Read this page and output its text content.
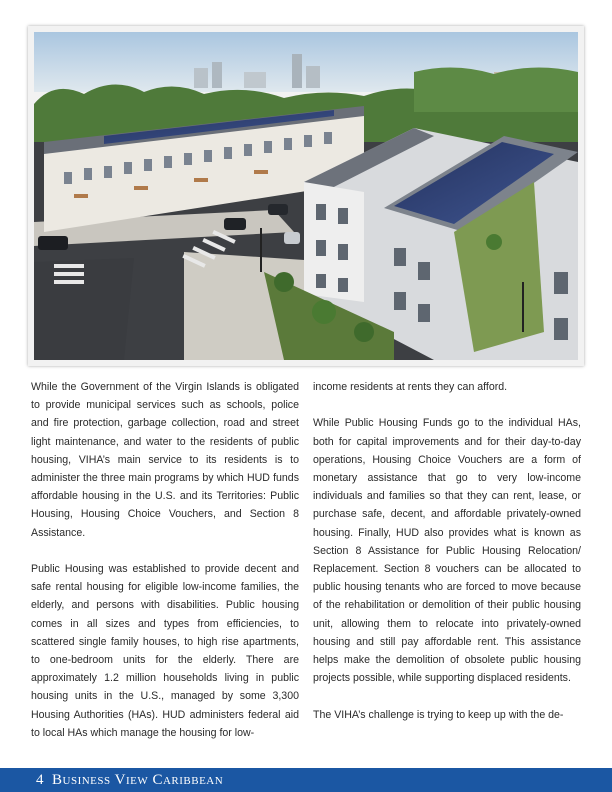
While the Government of the Virgin Islands is obligated to provide municipal services such as schools, police and fire protection, garbage collection, road and street light maintenance, and water to the residents of public housing, VIHA’s main service to its residents is to administer the three main programs by which HUD funds affordable housing in the U.S. and its Territories: Public Housing, Housing Choice Vouchers, and Section 8 Assistance.

Public Housing was established to provide decent and safe rental housing for eligible low-income families, the elderly, and persons with disabilities. Public housing comes in all sizes and types from efficiencies, to scattered single family houses, to high rise apartments, to one-bedroom units for the elderly. There are approximately 1.2 million households living in public housing units in the U.S., managed by some 3,300 Housing Authorities (HAs). HUD administers federal aid to local HAs which manage the housing for low-

income residents at rents they can afford.

While Public Housing Funds go to the individual HAs, both for capital improvements and for their day-to-day operations, Housing Choice Vouchers are a form of monetary assistance that go to very low-income individuals and families so that they can rent, lease, or purchase safe, decent, and affordable privately-owned housing. Finally, HUD also provides what is known as Section 8 Assistance for Public Housing Relocation/ Replacement. Section 8 vouchers can be allocated to public housing tenants who are forced to move because of the rehabilitation or demolition of their public housing unit, allowing them to relocate into privately-owned housing and still pay affordable rent. This assistance helps make the demolition of obsolete public housing projects possible, while supporting displaced residents.

The VIHA’s challenge is trying to keep up with the de-

4 Business View Caribbean
